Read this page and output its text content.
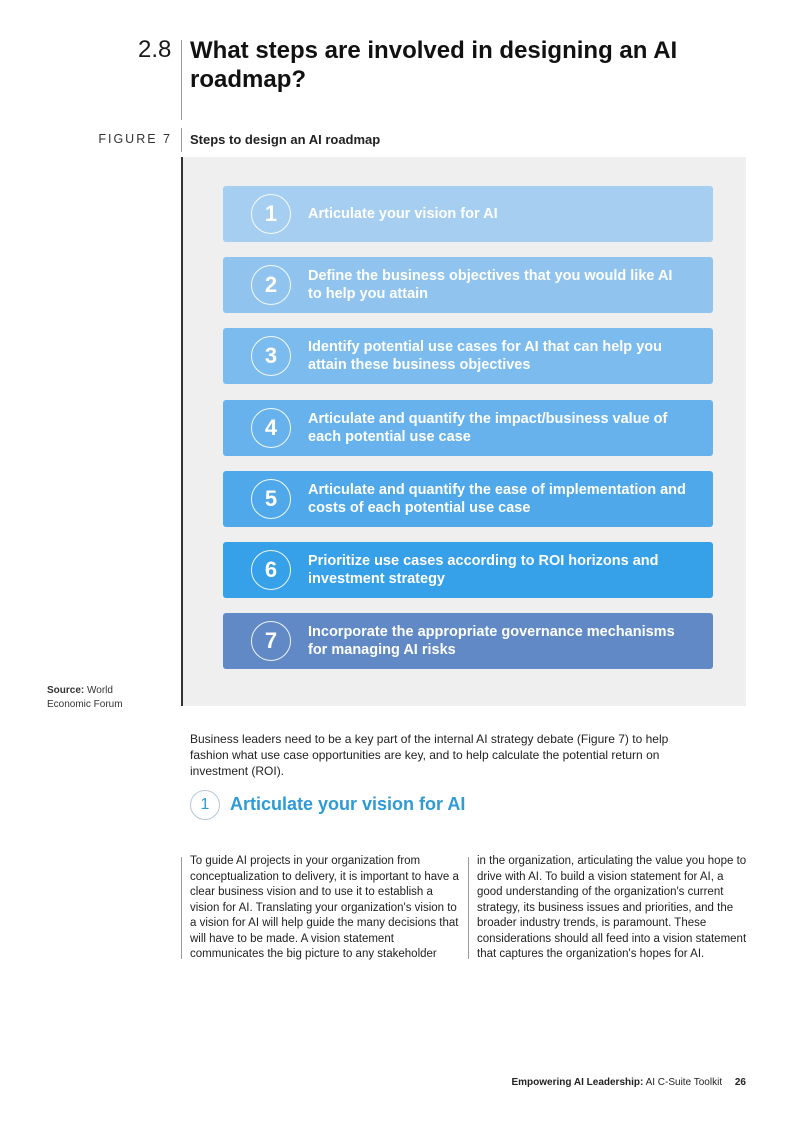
2.8 What steps are involved in designing an AI roadmap?
FIGURE 7 Steps to design an AI roadmap
1	Articulate your vision for AI
2	Define the business objectives that you would like AI to help you attain
3	Identify potential use cases for AI that can help you attain these business objectives
4	Articulate and quantify the impact/business value of each potential use case
5	Articulate and quantify the ease of implementation and costs of each potential use case
6	Prioritize use cases according to ROI horizons and investment strategy
7	Incorporate the appropriate governance mechanisms for managing AI risks
Source: World Economic Forum

Business leaders need to be a key part of the internal AI strategy debate (Figure 7) to help fashion what use case opportunities are key, and to help calculate the potential return on investment (ROI).

1	Articulate your vision for AI

To guide AI projects in your organization from conceptualization to delivery, it is important to have a clear business vision and to use it to establish a vision for AI. Translating your organization's vision to a vision for AI will help guide the many decisions that will have to be made. A vision statement communicates the big picture to any stakeholder

in the organization, articulating the value you hope to drive with AI. To build a vision statement for AI, a good understanding of the organization's current strategy, its business issues and priorities, and the broader industry trends, is paramount. These considerations should all feed into a vision statement that captures the organization's hopes for AI.

Empowering AI Leadership: AI C-Suite Toolkit 26
